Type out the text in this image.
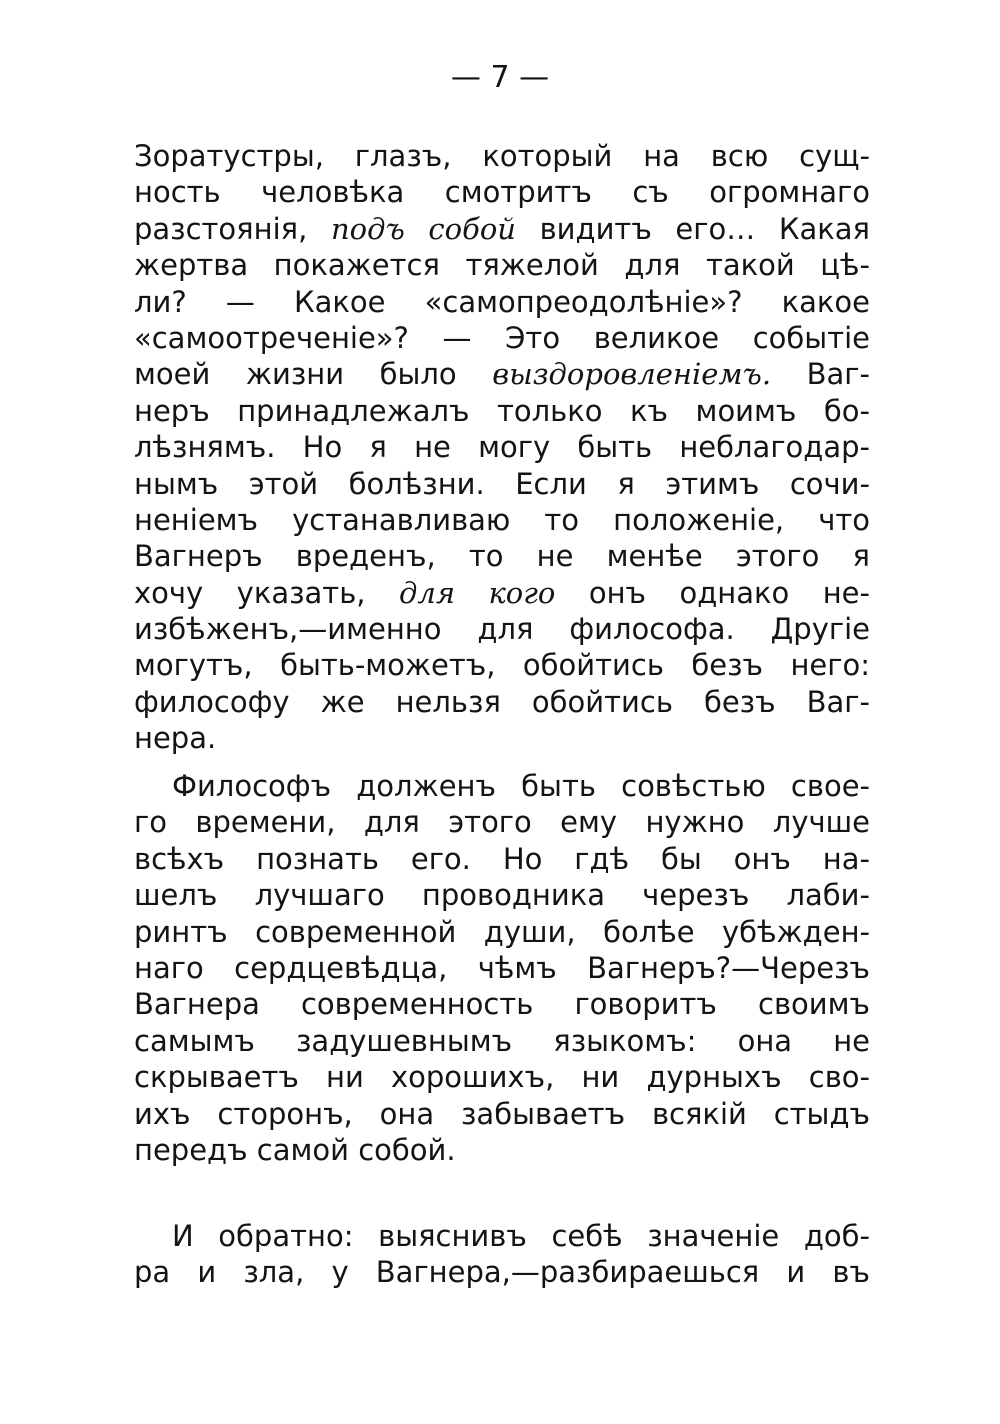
— 7 —
Зоратустры, глазъ, который на всю сущ-
ность человѣка смотритъ съ огромнаго
разстоянія, подъ собой видитъ его… Какая
жертва покажется тяжелой для такой цѣ-
ли? — Какое «самопреодолѣніе»? какое
«самоотреченіе»? — Это великое событіе
моей жизни было выздоровленіемъ. Ваг-
неръ принадлежалъ только къ моимъ бо-
лѣзнямъ. Но я не могу быть неблагодар-
нымъ этой болѣзни. Если я этимъ сочи-
неніемъ устанавливаю то положеніе, что
Вагнеръ вреденъ, то не менѣе этого я
хочу указать, для кого онъ однако не-
избѣженъ,—именно для философа. Другіе
могутъ, быть-можетъ, обойтись безъ него:
философу же нельзя обойтись безъ Ваг-
нера.
Философъ долженъ быть совѣстью свое-
го времени, для этого ему нужно лучше
всѣхъ познать его. Но гдѣ бы онъ на-
шелъ лучшаго проводника черезъ лаби-
ринтъ современной души, болѣе убѣжден-
наго сердцевѣдца, чѣмъ Вагнеръ?—Черезъ
Вагнера современность говоритъ своимъ
самымъ задушевнымъ языкомъ: она не
скрываетъ ни хорошихъ, ни дурныхъ сво-
ихъ сторонъ, она забываетъ всякій стыдъ
передъ самой собой.
И обратно: выяснивъ себѣ значеніе доб-
ра и зла, у Вагнера,—разбираешься и въ
